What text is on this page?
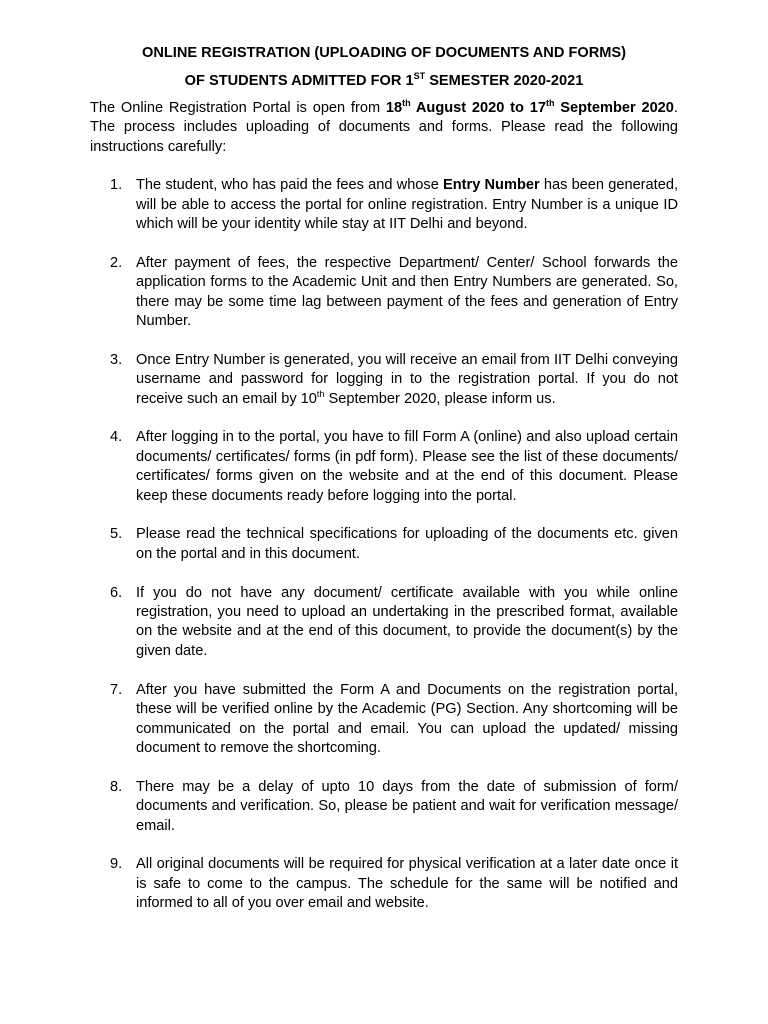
ONLINE REGISTRATION (UPLOADING OF DOCUMENTS AND FORMS)

OF STUDENTS ADMITTED FOR 1ST SEMESTER 2020-2021

The Online Registration Portal is open from 18th August 2020 to 17th September 2020. The process includes uploading of documents and forms. Please read the following instructions carefully:

1. The student, who has paid the fees and whose Entry Number has been generated, will be able to access the portal for online registration. Entry Number is a unique ID which will be your identity while stay at IIT Delhi and beyond.
2. After payment of fees, the respective Department/ Center/ School forwards the application forms to the Academic Unit and then Entry Numbers are generated. So, there may be some time lag between payment of the fees and generation of Entry Number.
3. Once Entry Number is generated, you will receive an email from IIT Delhi conveying username and password for logging in to the registration portal. If you do not receive such an email by 10th September 2020, please inform us.
4. After logging in to the portal, you have to fill Form A (online) and also upload certain documents/ certificates/ forms (in pdf form). Please see the list of these documents/ certificates/ forms given on the website and at the end of this document. Please keep these documents ready before logging into the portal.
5. Please read the technical specifications for uploading of the documents etc. given on the portal and in this document.
6. If you do not have any document/ certificate available with you while online registration, you need to upload an undertaking in the prescribed format, available on the website and at the end of this document, to provide the document(s) by the given date.
7. After you have submitted the Form A and Documents on the registration portal, these will be verified online by the Academic (PG) Section. Any shortcoming will be communicated on the portal and email. You can upload the updated/ missing document to remove the shortcoming.
8. There may be a delay of upto 10 days from the date of submission of form/ documents and verification. So, please be patient and wait for verification message/ email.
9. All original documents will be required for physical verification at a later date once it is safe to come to the campus. The schedule for the same will be notified and informed to all of you over email and website.
